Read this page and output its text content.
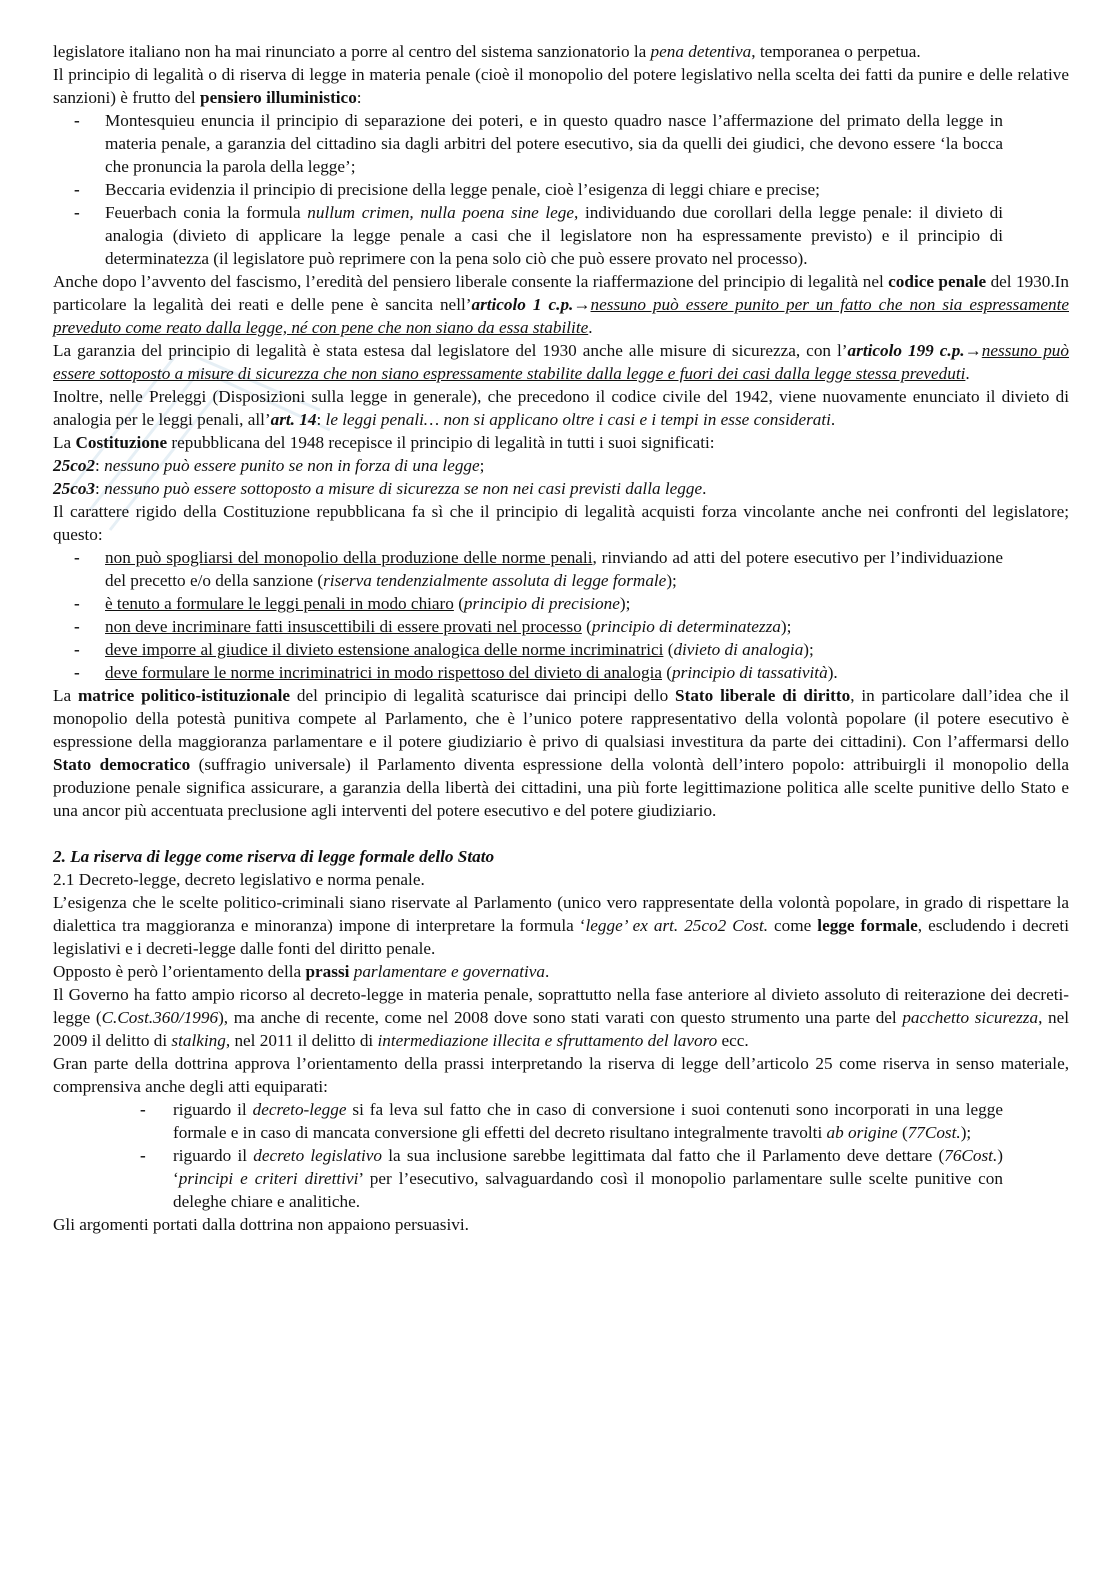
legislatore italiano non ha mai rinunciato a porre al centro del sistema sanzionatorio la pena detentiva, temporanea o perpetua.

Il principio di legalità o di riserva di legge in materia penale (cioè il monopolio del potere legislativo nella scelta dei fatti da punire e delle relative sanzioni) è frutto del pensiero illuministico:

- Montesquieu enuncia il principio di separazione dei poteri, e in questo quadro nasce l’affermazione del primato della legge in materia penale, a garanzia del cittadino sia dagli arbitri del potere esecutivo, sia da quelli dei giudici, che devono essere ‘la bocca che pronuncia la parola della legge’;
- Beccaria evidenzia il principio di precisione della legge penale, cioè l’esigenza di leggi chiare e precise;
- Feuerbach conia la formula nullum crimen, nulla poena sine lege, individuando due corollari della legge penale: il divieto di analogia (divieto di applicare la legge penale a casi che il legislatore non ha espressamente previsto) e il principio di determinatezza (il legislatore può reprimere con la pena solo ciò che può essere provato nel processo).

Anche dopo l’avvento del fascismo, l’eredità del pensiero liberale consente la riaffermazione del principio di legalità nel codice penale del 1930.In particolare la legalità dei reati e delle pene è sancita nell’articolo 1 c.p.→nessuno può essere punito per un fatto che non sia espressamente preveduto come reato dalla legge, né con pene che non siano da essa stabilite.

La garanzia del principio di legalità è stata estesa dal legislatore del 1930 anche alle misure di sicurezza, con l’articolo 199 c.p.→nessuno può essere sottoposto a misure di sicurezza che non siano espressamente stabilite dalla legge e fuori dei casi dalla legge stessa preveduti.

Inoltre, nelle Preleggi (Disposizioni sulla legge in generale), che precedono il codice civile del 1942, viene nuovamente enunciato il divieto di analogia per le leggi penali, all’art. 14: le leggi penali… non si applicano oltre i casi e i tempi in esse considerati.

La Costituzione repubblicana del 1948 recepisce il principio di legalità in tutti i suoi significati:

25co2: nessuno può essere punito se non in forza di una legge;

25co3: nessuno può essere sottoposto a misure di sicurezza se non nei casi previsti dalla legge.

Il carattere rigido della Costituzione repubblicana fa sì che il principio di legalità acquisti forza vincolante anche nei confronti del legislatore; questo:

- non può spogliarsi del monopolio della produzione delle norme penali, rinviando ad atti del potere esecutivo per l’individuazione del precetto e/o della sanzione (riserva tendenzialmente assoluta di legge formale);
- è tenuto a formulare le leggi penali in modo chiaro (principio di precisione);
- non deve incriminare fatti insuscettibili di essere provati nel processo (principio di determinatezza);
- deve imporre al giudice il divieto estensione analogica delle norme incriminatrici (divieto di analogia);
- deve formulare le norme incriminatrici in modo rispettoso del divieto di analogia (principio di tassatività).

La matrice politico-istituzionale del principio di legalità scaturisce dai principi dello Stato liberale di diritto, in particolare dall’idea che il monopolio della potestà punitiva compete al Parlamento, che è l’unico potere rappresentativo della volontà popolare (il potere esecutivo è espressione della maggioranza parlamentare e il potere giudiziario è privo di qualsiasi investitura da parte dei cittadini). Con l’affermarsi dello Stato democratico (suffragio universale) il Parlamento diventa espressione della volontà dell’intero popolo: attribuirgli il monopolio della produzione penale significa assicurare, a garanzia della libertà dei cittadini, una più forte legittimazione politica alle scelte punitive dello Stato e una ancor più accentuata preclusione agli interventi del potere esecutivo e del potere giudiziario.

2. La riserva di legge come riserva di legge formale dello Stato

2.1 Decreto-legge, decreto legislativo e norma penale.

L’esigenza che le scelte politico-criminali siano riservate al Parlamento (unico vero rappresentate della volontà popolare, in grado di rispettare la dialettica tra maggioranza e minoranza) impone di interpretare la formula ‘legge’ ex art. 25co2 Cost. come legge formale, escludendo i decreti legislativi e i decreti-legge dalle fonti del diritto penale.

Opposto è però l’orientamento della prassi parlamentare e governativa.

Il Governo ha fatto ampio ricorso al decreto-legge in materia penale, soprattutto nella fase anteriore al divieto assoluto di reiterazione dei decreti-legge (C.Cost.360/1996), ma anche di recente, come nel 2008 dove sono stati varati con questo strumento una parte del pacchetto sicurezza, nel 2009 il delitto di stalking, nel 2011 il delitto di intermediazione illecita e sfruttamento del lavoro ecc.

Gran parte della dottrina approva l’orientamento della prassi interpretando la riserva di legge dell’articolo 25 come riserva in senso materiale, comprensiva anche degli atti equiparati:

- riguardo il decreto-legge si fa leva sul fatto che in caso di conversione i suoi contenuti sono incorporati in una legge formale e in caso di mancata conversione gli effetti del decreto risultano integralmente travolti ab origine (77Cost.);
- riguardo il decreto legislativo la sua inclusione sarebbe legittimata dal fatto che il Parlamento deve dettare (76Cost.) ‘principi e criteri direttivi’ per l’esecutivo, salvaguardando così il monopolio parlamentare sulle scelte punitive con deleghe chiare e analitiche.

Gli argomenti portati dalla dottrina non appaiono persuasivi.
